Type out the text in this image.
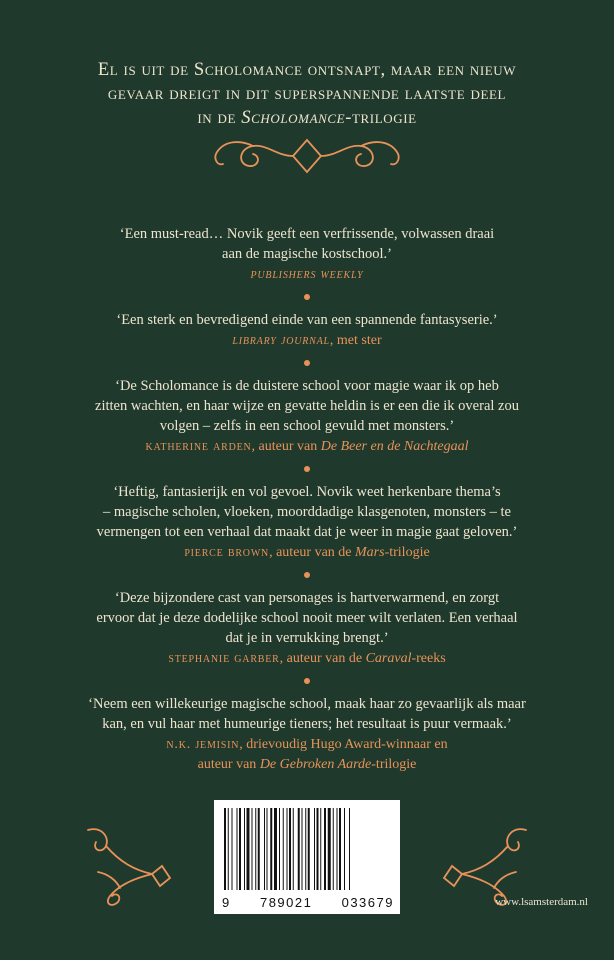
El is uit de Scholomance ontsnapt, maar een nieuw
gevaar dreigt in dit superspannende laatste deel
in de Scholomance-trilogie
‘Een must-read… Novik geeft een verfrissende, volwassen draai
aan de magische kostschool.’
publishers weekly
‘Een sterk en bevredigend einde van een spannende fantasyserie.’
library journal, met ster
‘De Scholomance is de duistere school voor magie waar ik op heb
zitten wachten, en haar wijze en gevatte heldin is er een die ik overal zou
volgen – zelfs in een school gevuld met monsters.’
katherine arden, auteur van De Beer en de Nachtegaal
‘Heftig, fantasierijk en vol gevoel. Novik weet herkenbare thema’s
– magische scholen, vloeken, moorddadige klasgenoten, monsters – te
vermengen tot een verhaal dat maakt dat je weer in magie gaat geloven.’
pierce brown, auteur van de Mars-trilogie
‘Deze bijzondere cast van personages is hartverwarmend, en zorgt
ervoor dat je deze dodelijke school nooit meer wilt verlaten. Een verhaal
dat je in verrukking brengt.’
stephanie garber, auteur van de Caraval-reeks
‘Neem een willekeurige magische school, maak haar zo gevaarlijk als maar
kan, en vul haar met humeurige tieners; het resultaat is puur vermaak.’
n.k. jemisin, drievoudig Hugo Award-winnaar en
auteur van De Gebroken Aarde-trilogie
9 789021 033679	www.lsamsterdam.nl
